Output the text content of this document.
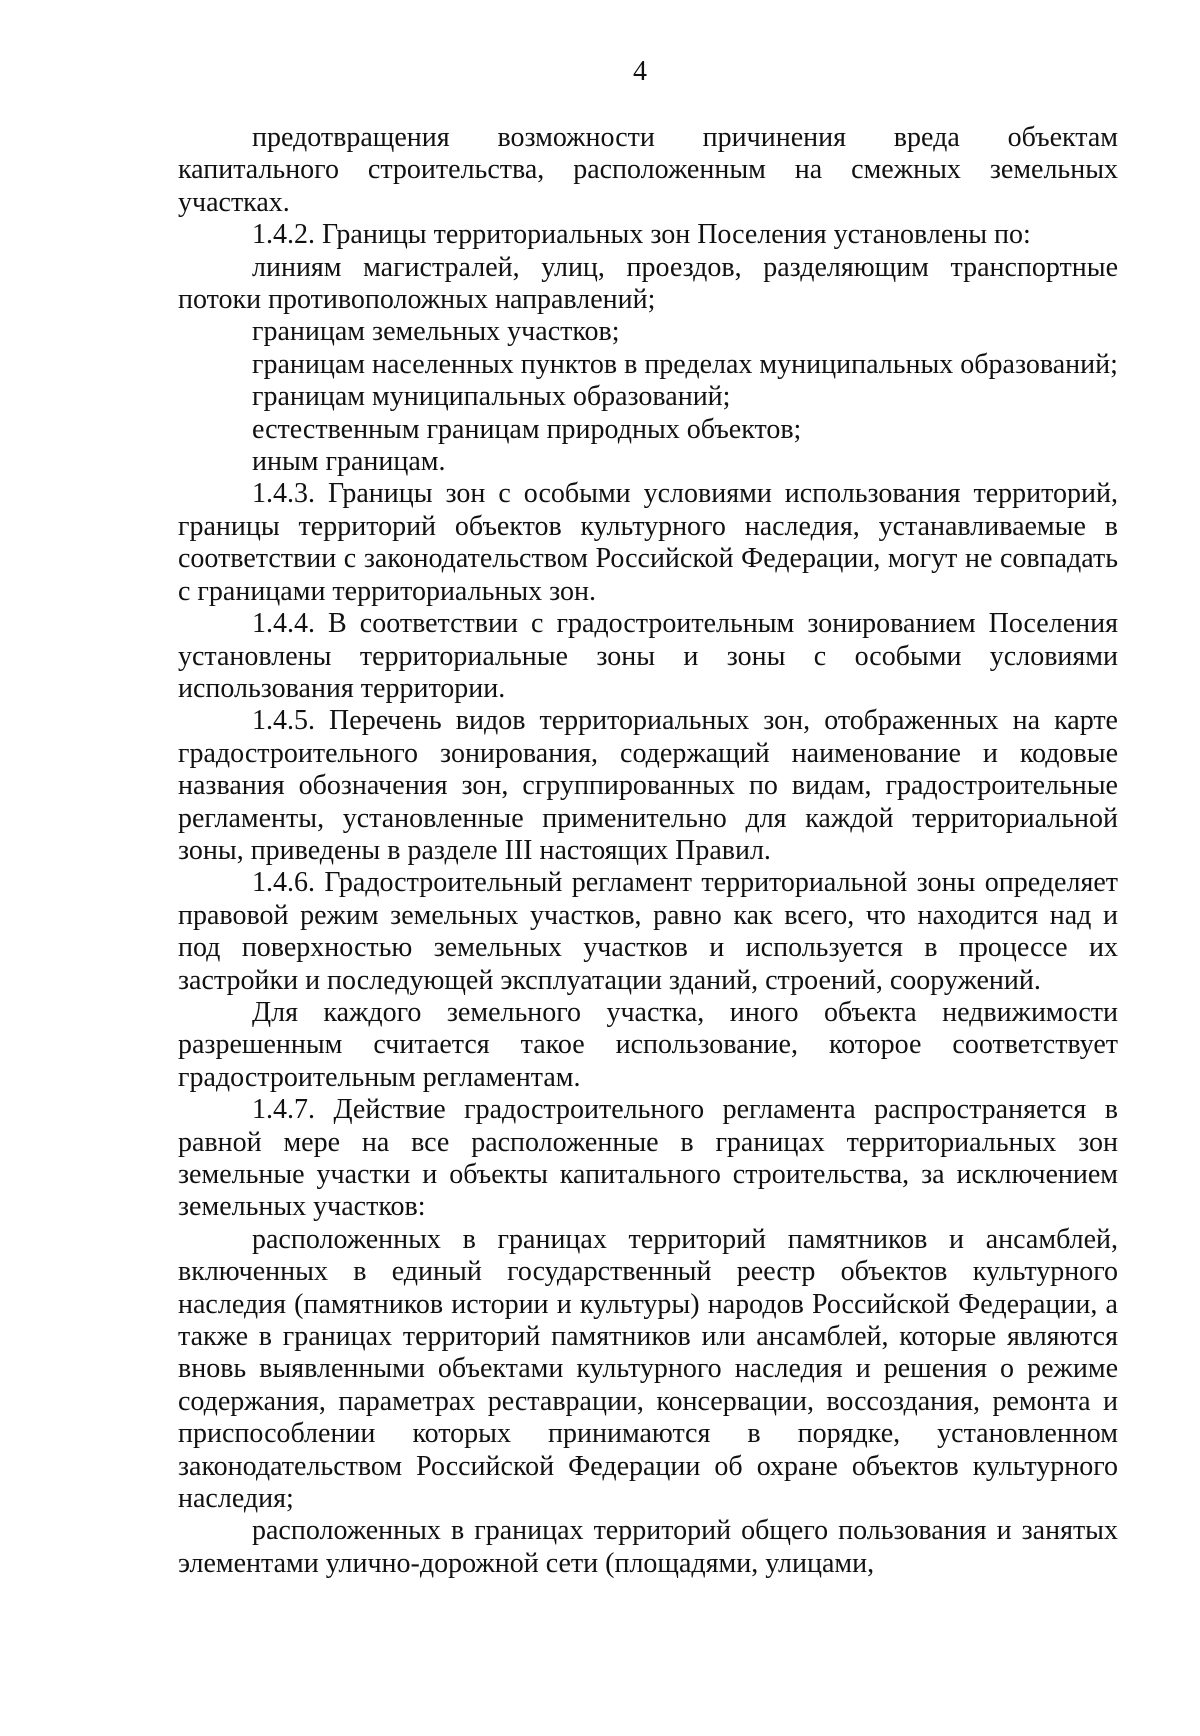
4

предотвращения возможности причинения вреда объектам капитального строительства, расположенным на смежных земельных участках.

1.4.2. Границы территориальных зон Поселения установлены по:

линиям магистралей, улиц, проездов, разделяющим транспортные потоки противоположных направлений;

границам земельных участков;

границам населенных пунктов в пределах муниципальных образований;

границам муниципальных образований;

естественным границам природных объектов;

иным границам.

1.4.3. Границы зон с особыми условиями использования территорий, границы территорий объектов культурного наследия, устанавливаемые в соответствии с законодательством Российской Федерации, могут не совпадать с границами территориальных зон.

1.4.4. В соответствии с градостроительным зонированием Поселения установлены территориальные зоны и зоны с особыми условиями использования территории.

1.4.5. Перечень видов территориальных зон, отображенных на карте градостроительного зонирования, содержащий наименование и кодовые названия обозначения зон, сгруппированных по видам, градостроительные регламенты, установленные применительно для каждой территориальной зоны, приведены в разделе III настоящих Правил.

1.4.6. Градостроительный регламент территориальной зоны определяет правовой режим земельных участков, равно как всего, что находится над и под поверхностью земельных участков и используется в процессе их застройки и последующей эксплуатации зданий, строений, сооружений.

Для каждого земельного участка, иного объекта недвижимости разрешенным считается такое использование, которое соответствует градостроительным регламентам.

1.4.7. Действие градостроительного регламента распространяется в равной мере на все расположенные в границах территориальных зон земельные участки и объекты капитального строительства, за исключением земельных участков:

расположенных в границах территорий памятников и ансамблей, включенных в единый государственный реестр объектов культурного наследия (памятников истории и культуры) народов Российской Федерации, а также в границах территорий памятников или ансамблей, которые являются вновь выявленными объектами культурного наследия и решения о режиме содержания, параметрах реставрации, консервации, воссоздания, ремонта и приспособлении которых принимаются в порядке, установленном законодательством Российской Федерации об охране объектов культурного наследия;

расположенных в границах территорий общего пользования и занятых элементами улично-дорожной сети (площадями, улицами,
